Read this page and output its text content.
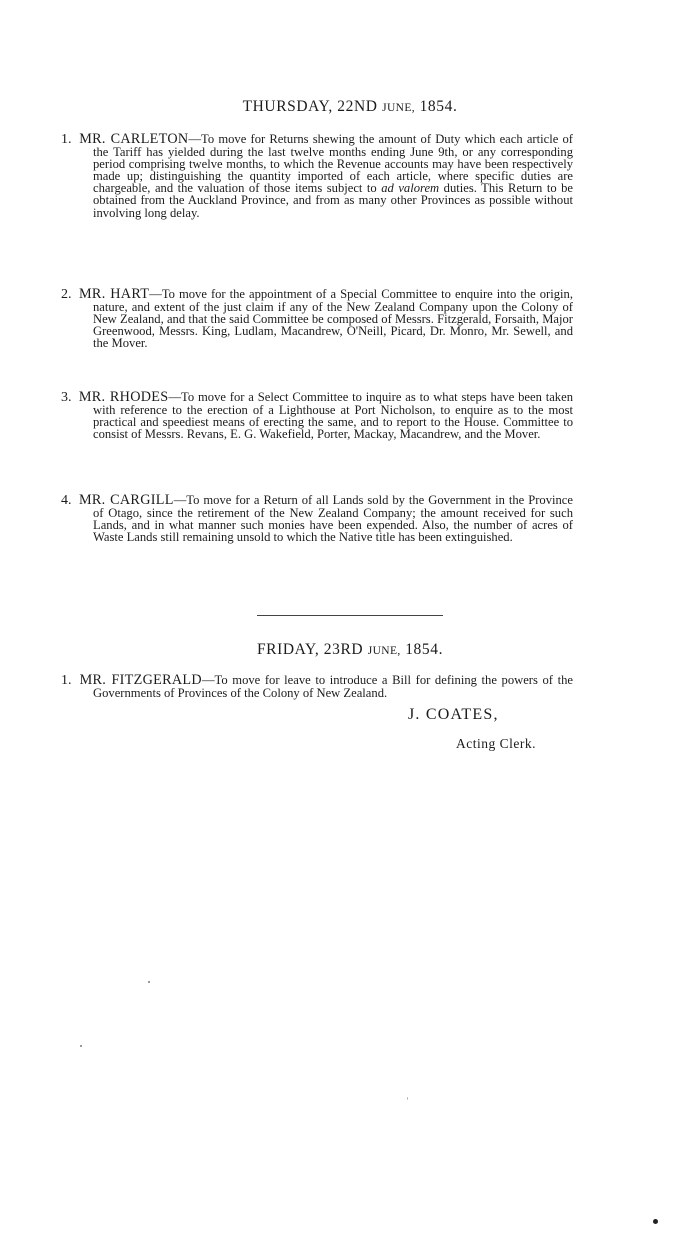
THURSDAY, 22ND JUNE, 1854.
1. MR. CARLETON—To move for Returns shewing the amount of Duty which each article of the Tariff has yielded during the last twelve months ending June 9th, or any corresponding period comprising twelve months, to which the Revenue accounts may have been respectively made up; distinguishing the quantity imported of each article, where specific duties are chargeable, and the valuation of those items subject to ad valorem duties. This Return to be obtained from the Auckland Province, and from as many other Provinces as possible without involving long delay.
2. MR. HART—To move for the appointment of a Special Committee to enquire into the origin, nature, and extent of the just claim if any of the New Zealand Company upon the Colony of New Zealand, and that the said Committee be composed of Messrs. Fitzgerald, Forsaith, Major Greenwood, Messrs. King, Ludlam, Macandrew, O'Neill, Picard, Dr. Monro, Mr. Sewell, and the Mover.
3. MR. RHODES—To move for a Select Committee to inquire as to what steps have been taken with reference to the erection of a Lighthouse at Port Nicholson, to enquire as to the most practical and speediest means of erecting the same, and to report to the House. Committee to consist of Messrs. Revans, E. G. Wakefield, Porter, Mackay, Macandrew, and the Mover.
4. MR. CARGILL—To move for a Return of all Lands sold by the Government in the Province of Otago, since the retirement of the New Zealand Company; the amount received for such Lands, and in what manner such monies have been expended. Also, the number of acres of Waste Lands still remaining unsold to which the Native title has been extinguished.
FRIDAY, 23RD JUNE, 1854.
1. MR. FITZGERALD—To move for leave to introduce a Bill for defining the powers of the Governments of Provinces of the Colony of New Zealand.
J. COATES,
Acting Clerk.
